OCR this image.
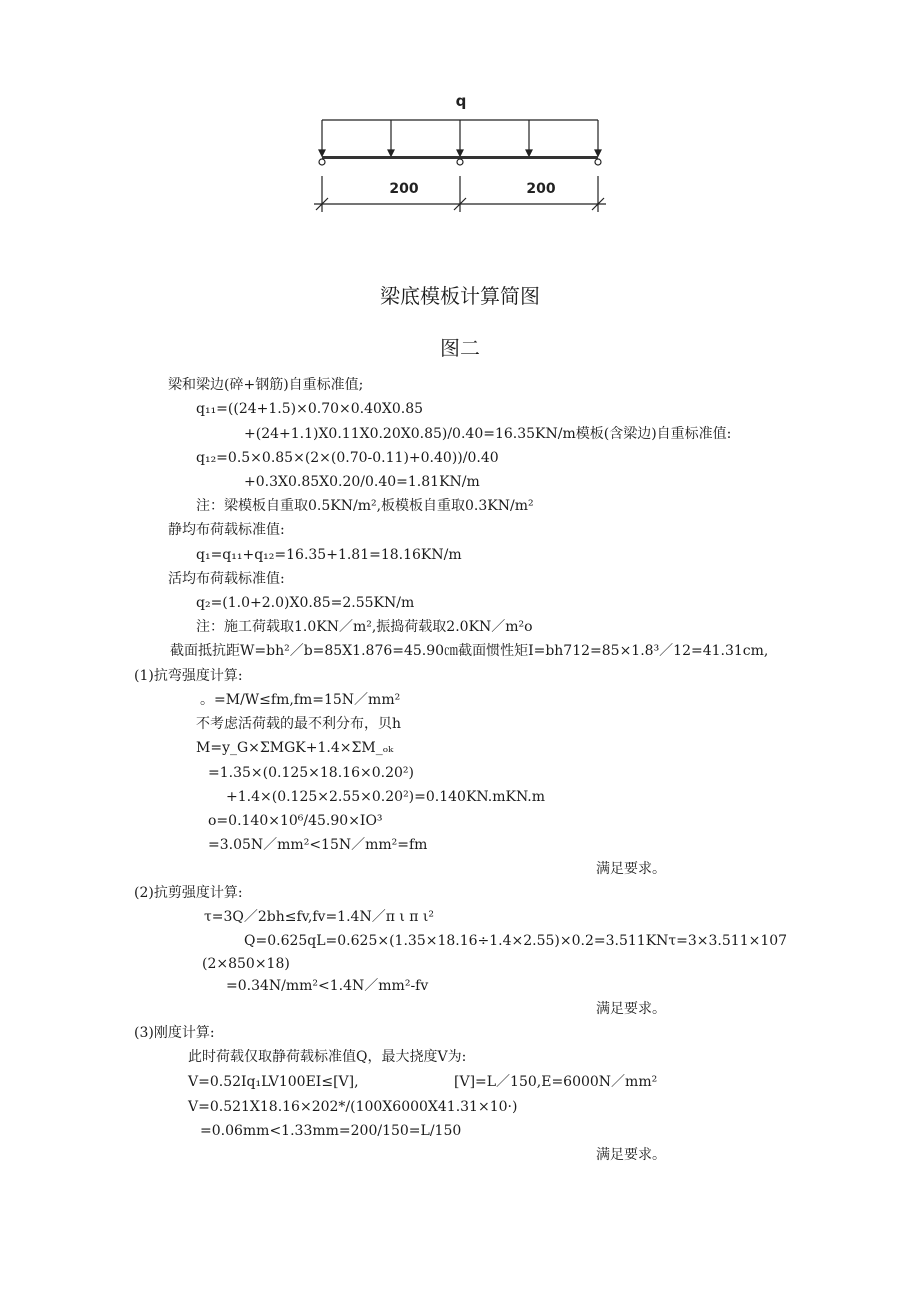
q
200	200
梁底模板计算简图
图二
梁和梁边(碎+钢筋)自重标准值;
q₁₁=((24+1.5)×0.70×0.40X0.85
+(24+1.1)X0.11X0.20X0.85)/0.40=16.35KN/m模板(含梁边)自重标准值:
q₁₂=0.5×0.85×(2×(0.70-0.11)+0.40))/0.40
+0.3X0.85X0.20/0.40=1.81KN/m
注：梁模板自重取0.5KN/m²,板模板自重取0.3KN/m²
静均布荷载标准值:
q₁=q₁₁+q₁₂=16.35+1.81=18.16KN/m
活均布荷载标准值:
q₂=(1.0+2.0)X0.85=2.55KN/m
注：施工荷载取1.0KN／m²,振捣荷载取2.0KN／m²o
截面抵抗距W=bh²／b=85X1.876=45.90㎝截面惯性矩I=bh712=85×1.8³／12=41.31cm,
(1)抗弯强度计算:
。=M/W≤fm,fm=15N／mm²
不考虑活荷载的最不利分布，贝h
M=y_G×ΣMGK+1.4×ΣM_ₒₖ
=1.35×(0.125×18.16×0.20²)
+1.4×(0.125×2.55×0.20²)=0.140KN.mKN.m
o=0.140×10⁶/45.90×IO³
=3.05N／mm²<15N／mm²=fm
满足要求。
(2)抗剪强度计算:
τ=3Q／2bh≤fv,fv=1.4N／π ι π ι²
Q=0.625qL=0.625×(1.35×18.16÷1.4×2.55)×0.2=3.511KNτ=3×3.511×107
(2×850×18)
=0.34N/mm²<1.4N／mm²-fv
满足要求。
(3)刚度计算:
此时荷载仅取静荷载标准值Q，最大挠度V为:
V=0.52Iq₁LV100EI≤[V],	[V]=L／150,E=6000N／mm²
V=0.521X18.16×202*/(100X6000X41.31×10·)
=0.06mm<1.33mm=200/150=L/150
满足要求。
